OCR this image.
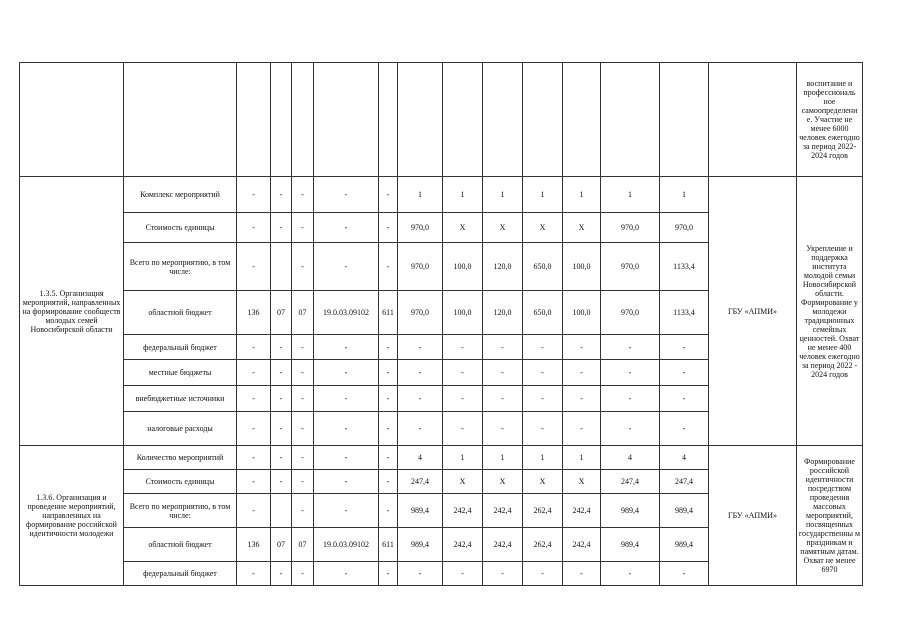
															воспитание и профессиональ ное самоопределени е. Участие не менее 6000 человек ежегодно за период 2022-2024 годов
1.3.5. Организация мероприятий, направленных на формирование сообществ молодых семей Новосибирской области	Комплекс мероприятий	-	-	-	-	-	1	1	1	1	1	1	1	ГБУ «АПМИ»	Укрепление и поддержка института молодой семьи Новосибирской области. Формирование у молодежи традиционных семейных ценностей. Охват не менее 400 человек ежегодно за период 2022 - 2024 годов
	Стоимость единицы	-	-	-	-	-	970,0	X	X	X	X	970,0	970,0		
	Всего по мероприятию, в том числе:	-		-	-	-	970,0	100,0	120,0	650,0	100,0	970,0	1133,4		
	областной бюджет	136	07	07	19.0.03.09102	611	970,0	100,0	120,0	650,0	100,0	970,0	1133,4		
	федеральный бюджет	-	-	-	-	-	-	-	-	-	-	-	-		
	местные бюджеты	-	-	-	-	-	-	-	-	-	-	-	-		
	внебюджетные источники	-	-	-	-	-	-	-	-	-	-	-	-		
	налоговые расходы	-	-	-	-	-	-	-	-	-	-	-	-		
1.3.6. Организация и проведение мероприятий, направленных на формирование российской идентичности молодежи	Количество мероприятий	-	-	-	-	-	4	1	1	1	1	4	4	ГБУ «АПМИ»	Формирование российской идентичности посредством проведения массовых мероприятий, посвященных государственны м праздникам и памятным датам. Охват не менее 6970
	Стоимость единицы	-	-	-	-	-	247,4	X	X	X	X	247,4	247,4		
	Всего по мероприятию, в том числе:	-		-	-	-	989,4	242,4	242,4	262,4	242,4	989,4	989,4		
	областной бюджет	136	07	07	19.0.03.09102	611	989,4	242,4	242,4	262,4	242,4	989,4	989,4		
	федеральный бюджет	-	-	-	-	-	-	-	-	-	-	-	-		
